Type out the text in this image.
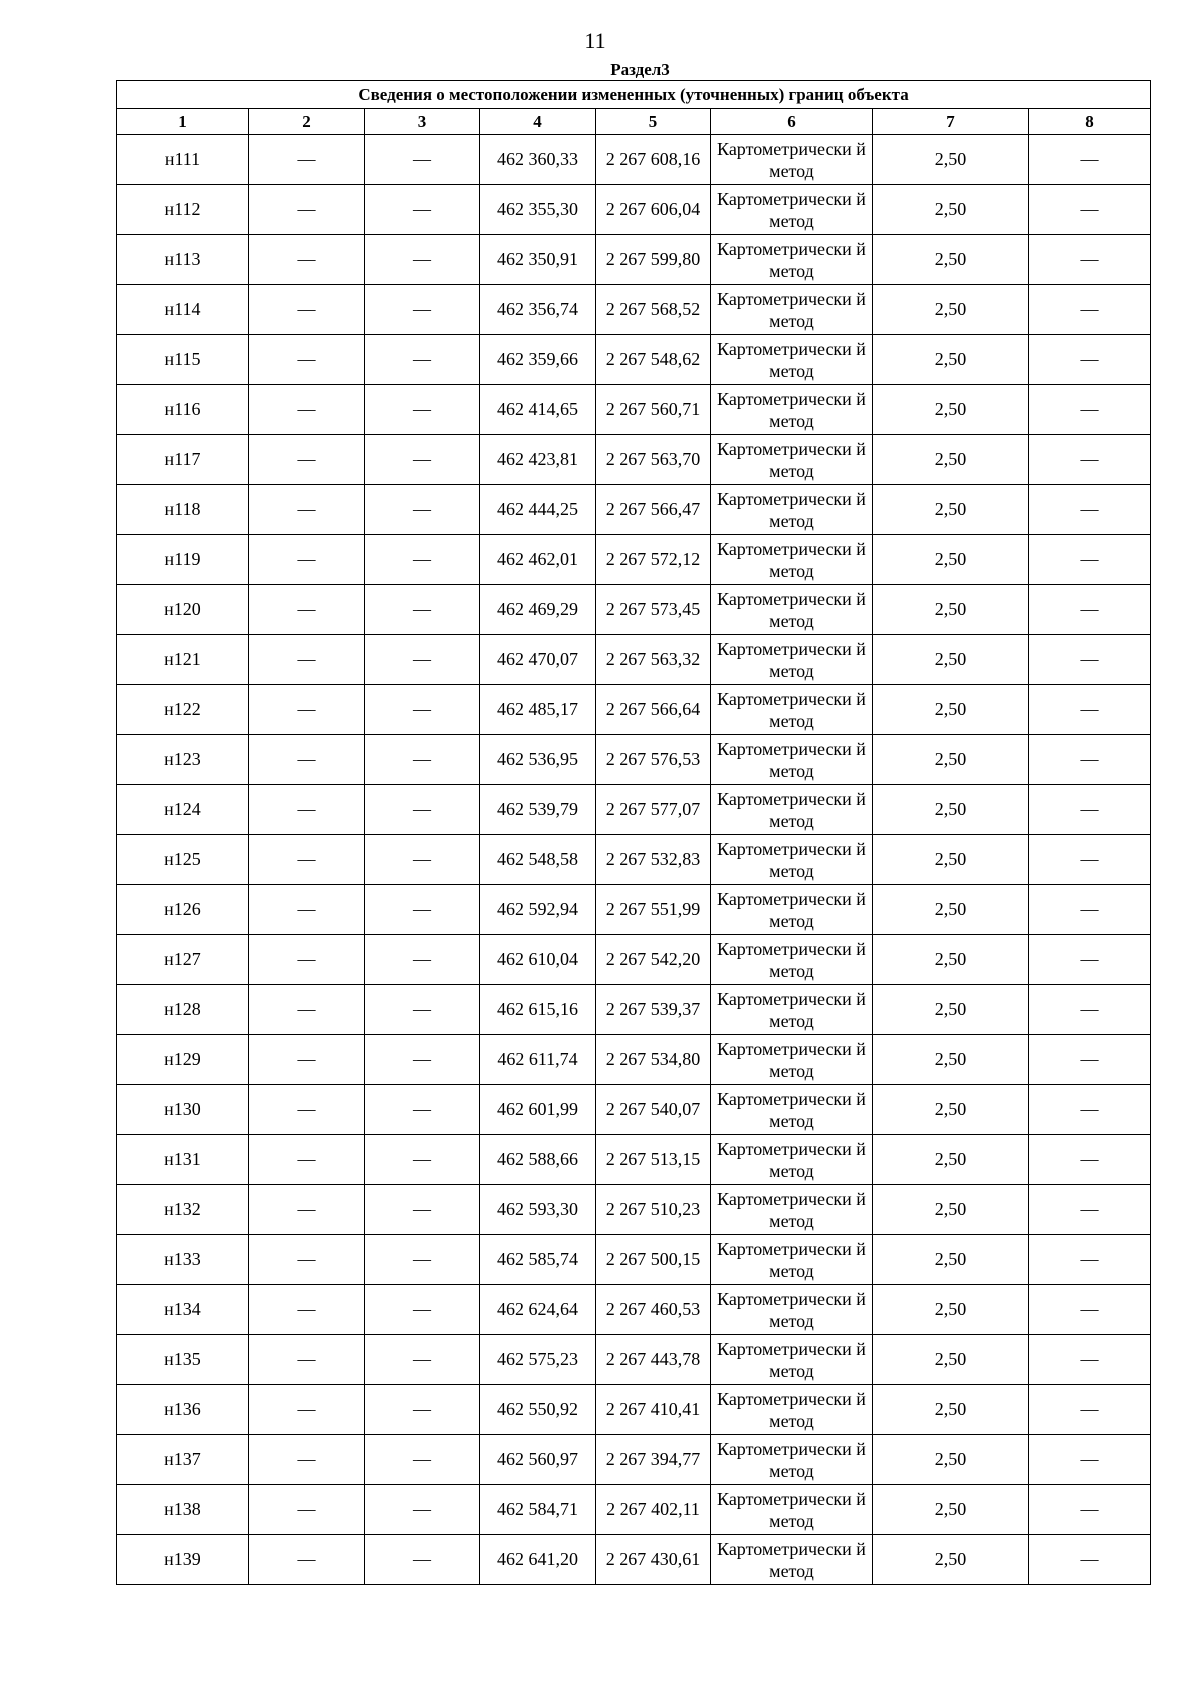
11
Раздел3
Сведения о местоположении измененных (уточненных) границ объекта							
1	2	3	4	5	6	7	8
н111	—	—	462 360,33	2 267 608,16	Картометрически й метод	2,50	—
н112	—	—	462 355,30	2 267 606,04	Картометрически й метод	2,50	—
н113	—	—	462 350,91	2 267 599,80	Картометрически й метод	2,50	—
н114	—	—	462 356,74	2 267 568,52	Картометрически й метод	2,50	—
н115	—	—	462 359,66	2 267 548,62	Картометрически й метод	2,50	—
н116	—	—	462 414,65	2 267 560,71	Картометрически й метод	2,50	—
н117	—	—	462 423,81	2 267 563,70	Картометрически й метод	2,50	—
н118	—	—	462 444,25	2 267 566,47	Картометрически й метод	2,50	—
н119	—	—	462 462,01	2 267 572,12	Картометрически й метод	2,50	—
н120	—	—	462 469,29	2 267 573,45	Картометрически й метод	2,50	—
н121	—	—	462 470,07	2 267 563,32	Картометрически й метод	2,50	—
н122	—	—	462 485,17	2 267 566,64	Картометрически й метод	2,50	—
н123	—	—	462 536,95	2 267 576,53	Картометрически й метод	2,50	—
н124	—	—	462 539,79	2 267 577,07	Картометрически й метод	2,50	—
н125	—	—	462 548,58	2 267 532,83	Картометрически й метод	2,50	—
н126	—	—	462 592,94	2 267 551,99	Картометрически й метод	2,50	—
н127	—	—	462 610,04	2 267 542,20	Картометрически й метод	2,50	—
н128	—	—	462 615,16	2 267 539,37	Картометрически й метод	2,50	—
н129	—	—	462 611,74	2 267 534,80	Картометрически й метод	2,50	—
н130	—	—	462 601,99	2 267 540,07	Картометрически й метод	2,50	—
н131	—	—	462 588,66	2 267 513,15	Картометрически й метод	2,50	—
н132	—	—	462 593,30	2 267 510,23	Картометрически й метод	2,50	—
н133	—	—	462 585,74	2 267 500,15	Картометрически й метод	2,50	—
н134	—	—	462 624,64	2 267 460,53	Картометрически й метод	2,50	—
н135	—	—	462 575,23	2 267 443,78	Картометрически й метод	2,50	—
н136	—	—	462 550,92	2 267 410,41	Картометрически й метод	2,50	—
н137	—	—	462 560,97	2 267 394,77	Картометрически й метод	2,50	—
н138	—	—	462 584,71	2 267 402,11	Картометрически й метод	2,50	—
н139	—	—	462 641,20	2 267 430,61	Картометрически й метод	2,50	—
